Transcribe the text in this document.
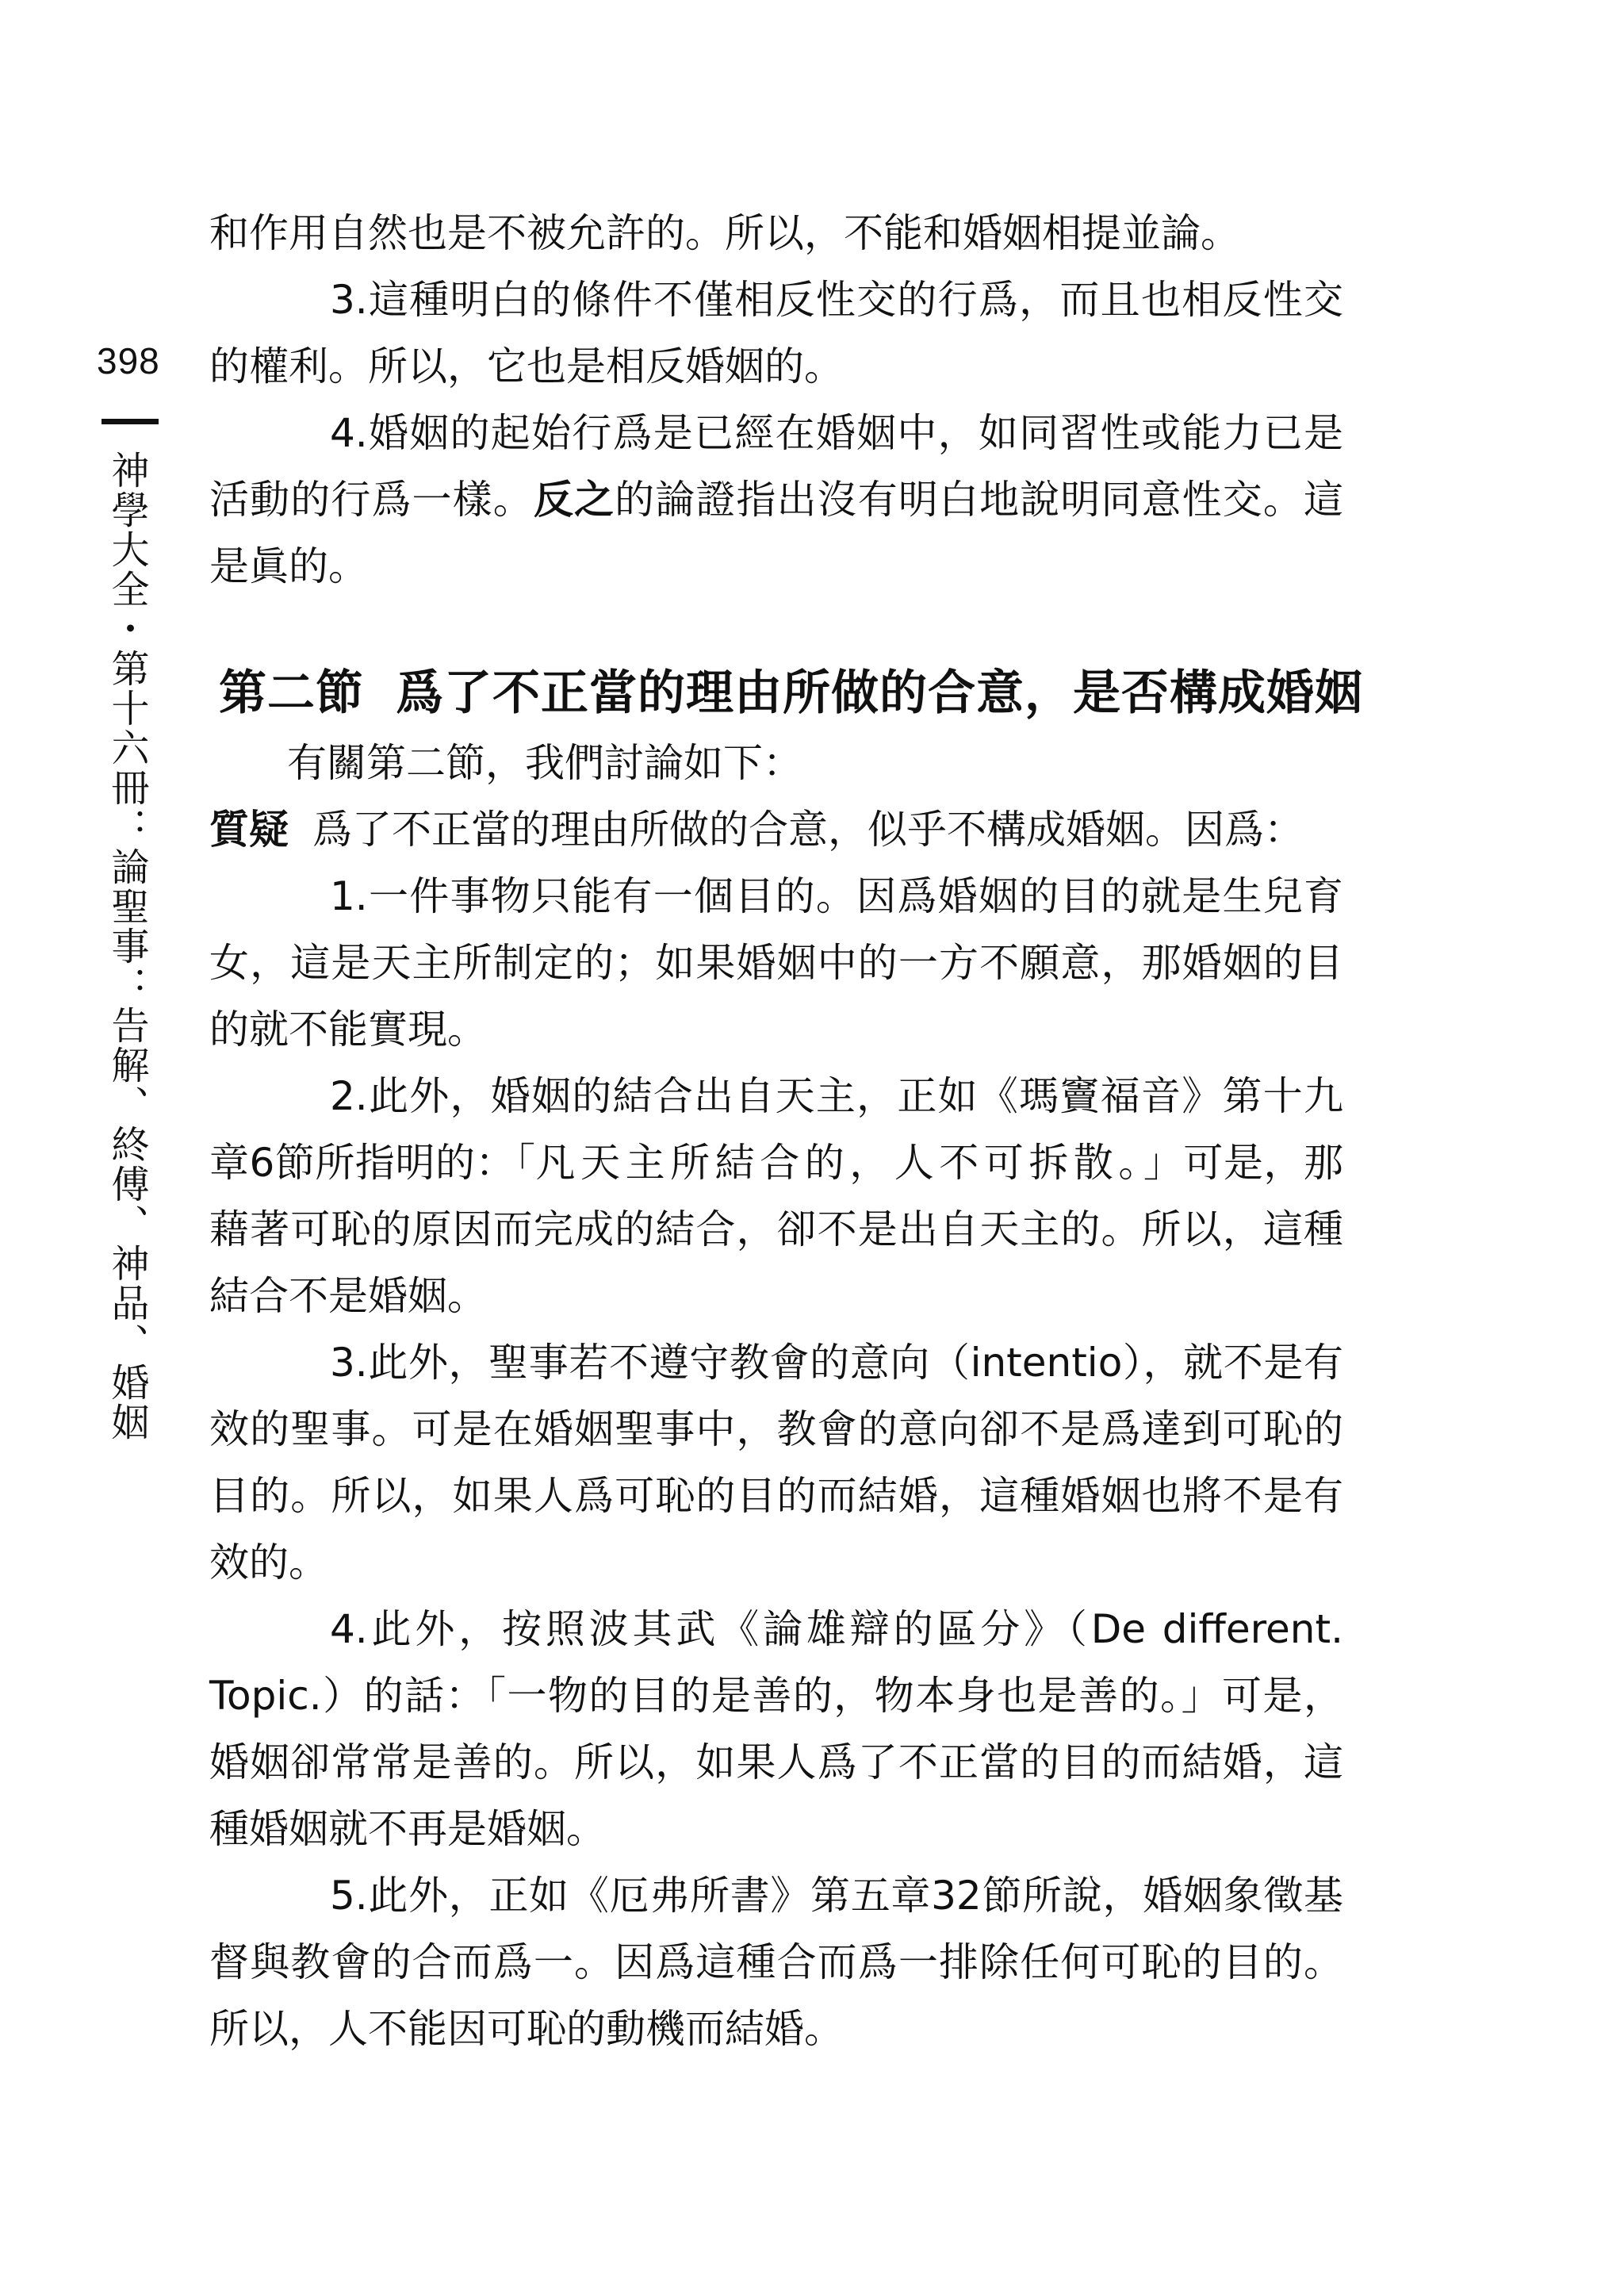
398
神學大全・第十六冊：論聖事：告解、終傅、神品、婚姻

和作用自然也是不被允許的。所以，不能和婚姻相提並論。

3.這種明白的條件不僅相反性交的行爲，而且也相反性交的權利。所以，它也是相反婚姻的。

4.婚姻的起始行爲是已經在婚姻中，如同習性或能力已是活動的行爲一樣。反之的論證指出沒有明白地說明同意性交。這是眞的。

第二節 爲了不正當的理由所做的合意，是否構成婚姻

有關第二節，我們討論如下：

質疑 爲了不正當的理由所做的合意，似乎不構成婚姻。因爲：

1.一件事物只能有一個目的。因爲婚姻的目的就是生兒育女，這是天主所制定的；如果婚姻中的一方不願意，那婚姻的目的就不能實現。

2.此外，婚姻的結合出自天主，正如《瑪竇福音》第十九章6節所指明的：「凡天主所結合的，人不可拆散。」可是，那藉著可恥的原因而完成的結合，卻不是出自天主的。所以，這種結合不是婚姻。

3.此外，聖事若不遵守教會的意向（intentio），就不是有效的聖事。可是在婚姻聖事中，教會的意向卻不是爲達到可恥的目的。所以，如果人爲可恥的目的而結婚，這種婚姻也將不是有效的。

4.此外，按照波其武《論雄辯的區分》（De different. Topic.）的話：「一物的目的是善的，物本身也是善的。」可是，婚姻卻常常是善的。所以，如果人爲了不正當的目的而結婚，這種婚姻就不再是婚姻。

5.此外，正如《厄弗所書》第五章32節所說，婚姻象徵基督與教會的合而爲一。因爲這種合而爲一排除任何可恥的目的。所以，人不能因可恥的動機而結婚。
